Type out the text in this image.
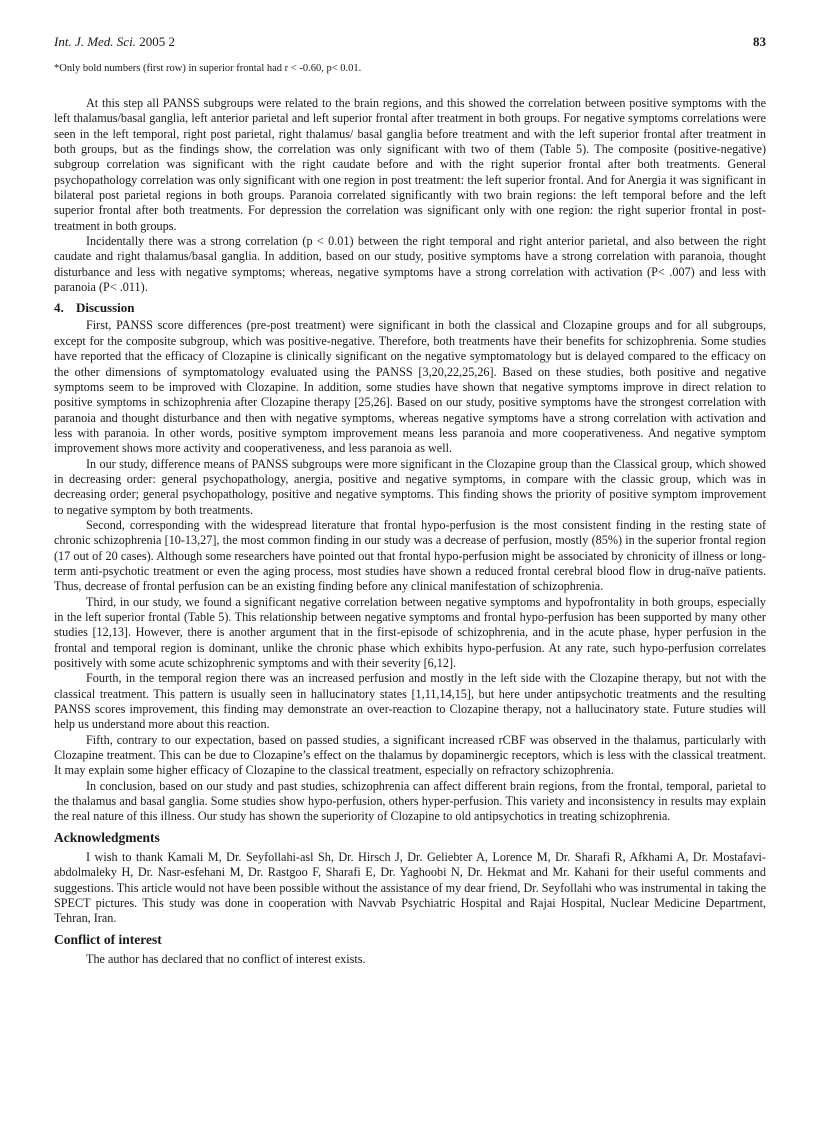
Int. J. Med. Sci. 2005 2	83
*Only bold numbers (first row) in superior frontal had r < -0.60, p< 0.01.

At this step all PANSS subgroups were related to the brain regions, and this showed the correlation between positive symptoms with the left thalamus/basal ganglia, left anterior parietal and left superior frontal after treatment in both groups. For negative symptoms correlations were seen in the left temporal, right post parietal, right thalamus/ basal ganglia before treatment and with the left superior frontal after treatment in both groups, but as the findings show, the correlation was only significant with two of them (Table 5). The composite (positive-negative) subgroup correlation was significant with the right caudate before and with the right superior frontal after both treatments. General psychopathology correlation was only significant with one region in post treatment: the left superior frontal. And for Anergia it was significant in bilateral post parietal regions in both groups. Paranoia correlated significantly with two brain regions: the left temporal before and the left superior frontal after both treatments. For depression the correlation was significant only with one region: the right superior frontal in post-treatment in both groups.

Incidentally there was a strong correlation (p < 0.01) between the right temporal and right anterior parietal, and also between the right caudate and right thalamus/basal ganglia. In addition, based on our study, positive symptoms have a strong correlation with paranoia, thought disturbance and less with negative symptoms; whereas, negative symptoms have a strong correlation with activation (P< .007) and less with paranoia (P< .011).

4. Discussion

First, PANSS score differences (pre-post treatment) were significant in both the classical and Clozapine groups and for all subgroups, except for the composite subgroup, which was positive-negative. Therefore, both treatments have their benefits for schizophrenia. Some studies have reported that the efficacy of Clozapine is clinically significant on the negative symptomatology but is delayed compared to the efficacy on the other dimensions of symptomatology evaluated using the PANSS [3,20,22,25,26]. Based on these studies, both positive and negative symptoms seem to be improved with Clozapine. In addition, some studies have shown that negative symptoms improve in direct relation to positive symptoms in schizophrenia after Clozapine therapy [25,26]. Based on our study, positive symptoms have the strongest correlation with paranoia and thought disturbance and then with negative symptoms, whereas negative symptoms have a strong correlation with activation and less with paranoia. In other words, positive symptom improvement means less paranoia and more cooperativeness. And negative symptom improvement shows more activity and cooperativeness, and less paranoia as well.

In our study, difference means of PANSS subgroups were more significant in the Clozapine group than the Classical group, which showed in decreasing order: general psychopathology, anergia, positive and negative symptoms, in compare with the classic group, which was in decreasing order; general psychopathology, positive and negative symptoms. This finding shows the priority of positive symptom improvement to negative symptom by both treatments.

Second, corresponding with the widespread literature that frontal hypo-perfusion is the most consistent finding in the resting state of chronic schizophrenia [10-13,27], the most common finding in our study was a decrease of perfusion, mostly (85%) in the superior frontal region (17 out of 20 cases). Although some researchers have pointed out that frontal hypo-perfusion might be associated by chronicity of illness or long-term anti-psychotic treatment or even the aging process, most studies have shown a reduced frontal cerebral blood flow in drug-naïve patients. Thus, decrease of frontal perfusion can be an existing finding before any clinical manifestation of schizophrenia.

Third, in our study, we found a significant negative correlation between negative symptoms and hypofrontality in both groups, especially in the left superior frontal (Table 5). This relationship between negative symptoms and frontal hypo-perfusion has been supported by many other studies [12,13]. However, there is another argument that in the first-episode of schizophrenia, and in the acute phase, hyper perfusion in the frontal and temporal region is dominant, unlike the chronic phase which exhibits hypo-perfusion. At any rate, such hypo-perfusion correlates positively with some acute schizophrenic symptoms and with their severity [6,12].

Fourth, in the temporal region there was an increased perfusion and mostly in the left side with the Clozapine therapy, but not with the classical treatment. This pattern is usually seen in hallucinatory states [1,11,14,15], but here under antipsychotic treatments and the resulting PANSS scores improvement, this finding may demonstrate an over-reaction to Clozapine therapy, not a hallucinatory state. Future studies will help us understand more about this reaction.

Fifth, contrary to our expectation, based on passed studies, a significant increased rCBF was observed in the thalamus, particularly with Clozapine treatment. This can be due to Clozapine’s effect on the thalamus by dopaminergic receptors, which is less with the classical treatment. It may explain some higher efficacy of Clozapine to the classical treatment, especially on refractory schizophrenia.

In conclusion, based on our study and past studies, schizophrenia can affect different brain regions, from the frontal, temporal, parietal to the thalamus and basal ganglia. Some studies show hypo-perfusion, others hyper-perfusion. This variety and inconsistency in results may explain the real nature of this illness. Our study has shown the superiority of Clozapine to old antipsychotics in treating schizophrenia.

Acknowledgments

I wish to thank Kamali M, Dr. Seyfollahi-asl Sh, Dr. Hirsch J, Dr. Geliebter A, Lorence M, Dr. Sharafi R, Afkhami A, Dr. Mostafavi-abdolmaleky H, Dr. Nasr-esfehani M, Dr. Rastgoo F, Sharafi E, Dr. Yaghoobi N, Dr. Hekmat and Mr. Kahani for their useful comments and suggestions. This article would not have been possible without the assistance of my dear friend, Dr. Seyfollahi who was instrumental in taking the SPECT pictures. This study was done in cooperation with Navvab Psychiatric Hospital and Rajai Hospital, Nuclear Medicine Department, Tehran, Iran.

Conflict of interest

The author has declared that no conflict of interest exists.
